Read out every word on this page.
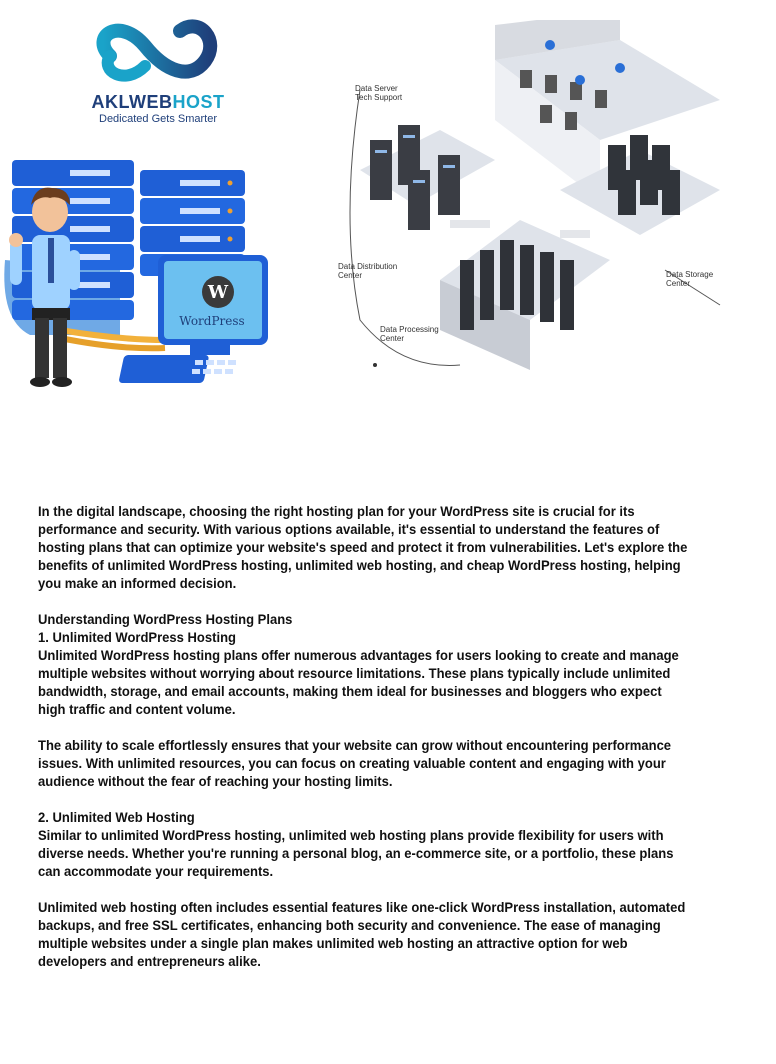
AKLWEBHOST
Dedicated Gets Smarter
W
WordPress
Data Server
Tech Support
Data Distribution
Center	Data Storage
Center
Data Processing
Center

In the digital landscape, choosing the right hosting plan for your WordPress site is crucial for its performance and security. With various options available, it's essential to understand the features of hosting plans that can optimize your website's speed and protect it from vulnerabilities. Let's explore the benefits of unlimited WordPress hosting, unlimited web hosting, and cheap WordPress hosting, helping you make an informed decision.

Understanding WordPress Hosting Plans
1. Unlimited WordPress Hosting

Unlimited WordPress hosting plans offer numerous advantages for users looking to create and manage multiple websites without worrying about resource limitations. These plans typically include unlimited bandwidth, storage, and email accounts, making them ideal for businesses and bloggers who expect high traffic and content volume.

The ability to scale effortlessly ensures that your website can grow without encountering performance issues. With unlimited resources, you can focus on creating valuable content and engaging with your audience without the fear of reaching your hosting limits.

2. Unlimited Web Hosting

Similar to unlimited WordPress hosting, unlimited web hosting plans provide flexibility for users with diverse needs. Whether you're running a personal blog, an e-commerce site, or a portfolio, these plans can accommodate your requirements.

Unlimited web hosting often includes essential features like one-click WordPress installation, automated backups, and free SSL certificates, enhancing both security and convenience. The ease of managing multiple websites under a single plan makes unlimited web hosting an attractive option for web developers and entrepreneurs alike.
